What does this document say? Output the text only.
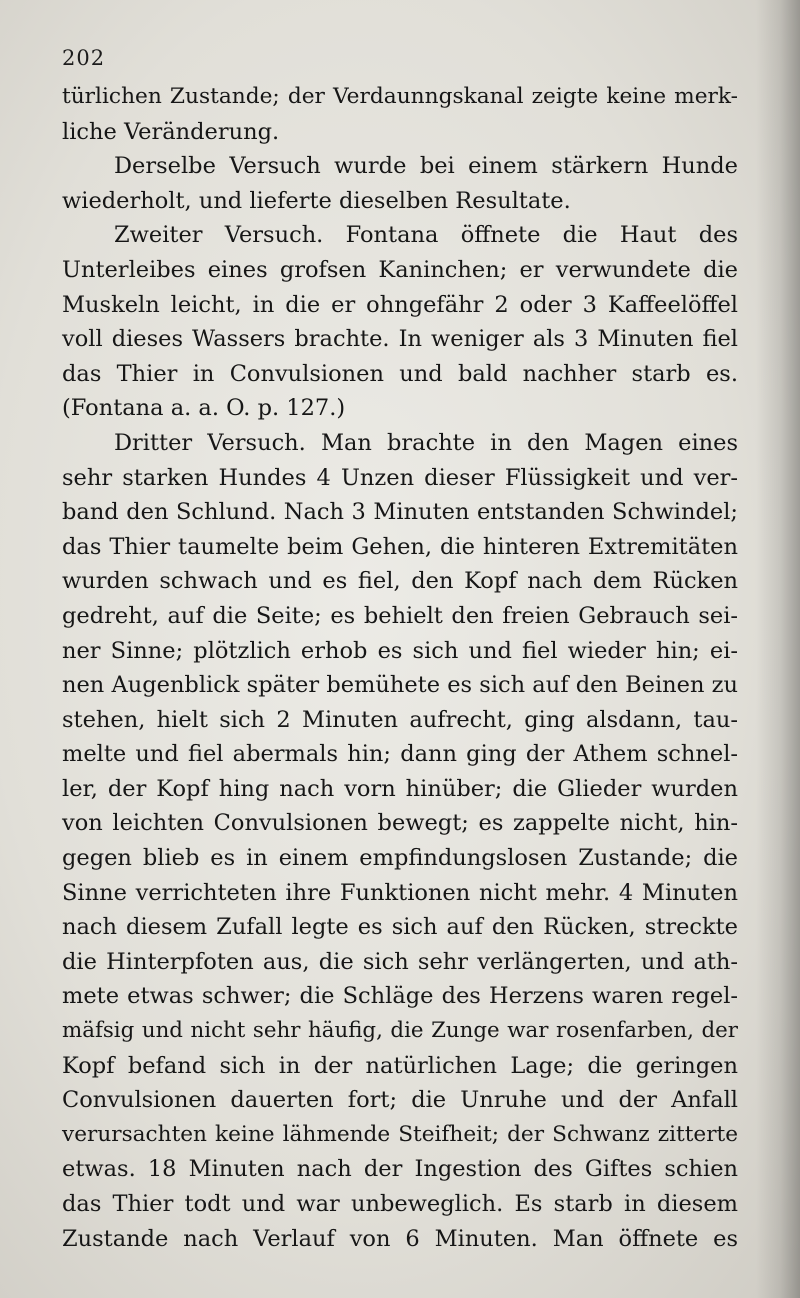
202
türlichen Zustande; der Verdaunngskanal zeigte keine merk-
liche Veränderung.
Derselbe Versuch wurde bei einem stärkern Hunde
wiederholt, und lieferte dieselben Resultate.
Zweiter Versuch. Fontana öffnete die Haut des
Unterleibes eines grofsen Kaninchen; er verwundete die
Muskeln leicht, in die er ohngefähr 2 oder 3 Kaffeelöffel
voll dieses Wassers brachte. In weniger als 3 Minuten fiel
das Thier in Convulsionen und bald nachher starb es.
(Fontana a. a. O. p. 127.)
Dritter Versuch. Man brachte in den Magen eines
sehr starken Hundes 4 Unzen dieser Flüssigkeit und ver-
band den Schlund. Nach 3 Minuten entstanden Schwindel;
das Thier taumelte beim Gehen, die hinteren Extremitäten
wurden schwach und es fiel, den Kopf nach dem Rücken
gedreht, auf die Seite; es behielt den freien Gebrauch sei-
ner Sinne; plötzlich erhob es sich und fiel wieder hin; ei-
nen Augenblick später bemühete es sich auf den Beinen zu
stehen, hielt sich 2 Minuten aufrecht, ging alsdann, tau-
melte und fiel abermals hin; dann ging der Athem schnel-
ler, der Kopf hing nach vorn hinüber; die Glieder wurden
von leichten Convulsionen bewegt; es zappelte nicht, hin-
gegen blieb es in einem empfindungslosen Zustande; die
Sinne verrichteten ihre Funktionen nicht mehr. 4 Minuten
nach diesem Zufall legte es sich auf den Rücken, streckte
die Hinterpfoten aus, die sich sehr verlängerten, und ath-
mete etwas schwer; die Schläge des Herzens waren regel-
mäfsig und nicht sehr häufig, die Zunge war rosenfarben, der
Kopf befand sich in der natürlichen Lage; die geringen
Convulsionen dauerten fort; die Unruhe und der Anfall
verursachten keine lähmende Steifheit; der Schwanz zitterte
etwas. 18 Minuten nach der Ingestion des Giftes schien
das Thier todt und war unbeweglich. Es starb in diesem
Zustande nach Verlauf von 6 Minuten. Man öffnete es
